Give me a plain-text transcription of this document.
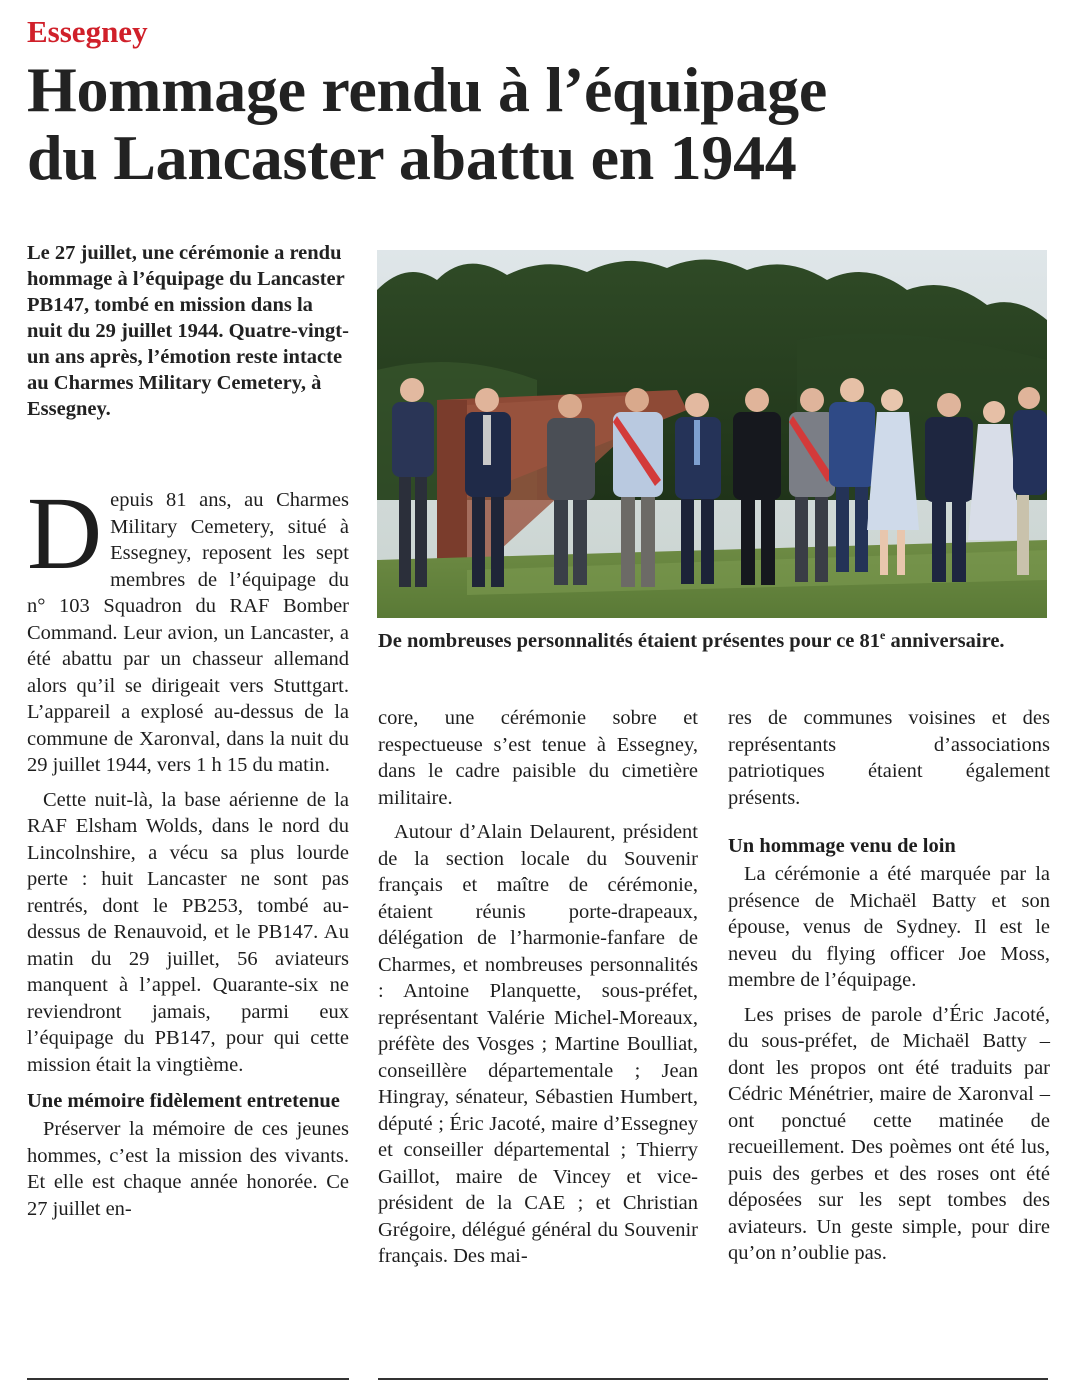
Essegney
Hommage rendu à l’équipage
du Lancaster abattu en 1944

Le 27 juillet, une cérémonie a rendu hommage à l’équipage du Lancaster PB147, tombé en mission dans la nuit du 29 juillet 1944. Quatre-vingt-un ans après, l’émotion reste intacte au Charmes Military Cemetery, à Essegney.

De nombreuses personnalités étaient présentes pour ce 81e anniversaire.

Depuis 81 ans, au Charmes Military Cemetery, situé à Essegney, reposent les sept membres de l’équipage du n° 103 Squadron du RAF Bomber Command. Leur avion, un Lancaster, a été abattu par un chasseur allemand alors qu’il se dirigeait vers Stuttgart. L’appareil a explosé au-dessus de la commune de Xaronval, dans la nuit du 29 juillet 1944, vers 1 h 15 du matin.

Cette nuit-là, la base aérienne de la RAF Elsham Wolds, dans le nord du Lincolnshire, a vécu sa plus lourde perte : huit Lancaster ne sont pas rentrés, dont le PB253, tombé au-dessus de Renauvoid, et le PB147. Au matin du 29 juillet, 56 aviateurs manquent à l’appel. Quarante-six ne reviendront jamais, parmi eux l’équipage du PB147, pour qui cette mission était la vingtième.

Une mémoire fidèlement entretenue

Préserver la mémoire de ces jeunes hommes, c’est la mission des vivants. Et elle est chaque année honorée. Ce 27 juillet en-

core, une cérémonie sobre et respectueuse s’est tenue à Essegney, dans le cadre paisible du cimetière militaire.

Autour d’Alain Delaurent, président de la section locale du Souvenir français et maître de cérémonie, étaient réunis porte-drapeaux, délégation de l’harmonie-fanfare de Charmes, et nombreuses personnalités : Antoine Planquette, sous-préfet, représentant Valérie Michel-Moreaux, préfète des Vosges ; Martine Boulliat, conseillère départementale ; Jean Hingray, sénateur, Sébastien Humbert, député ; Éric Jacoté, maire d’Essegney et conseiller départemental ; Thierry Gaillot, maire de Vincey et vice-président de la CAE ; et Christian Grégoire, délégué général du Souvenir français. Des mai-

res de communes voisines et des représentants d’associations patriotiques étaient également présents.

Un hommage venu de loin

La cérémonie a été marquée par la présence de Michaël Batty et son épouse, venus de Sydney. Il est le neveu du flying officer Joe Moss, membre de l’équipage.

Les prises de parole d’Éric Jacoté, du sous-préfet, de Michaël Batty – dont les propos ont été traduits par Cédric Ménétrier, maire de Xaronval – ont ponctué cette matinée de recueillement. Des poèmes ont été lus, puis des gerbes et des roses ont été déposées sur les sept tombes des aviateurs. Un geste simple, pour dire qu’on n’oublie pas.
